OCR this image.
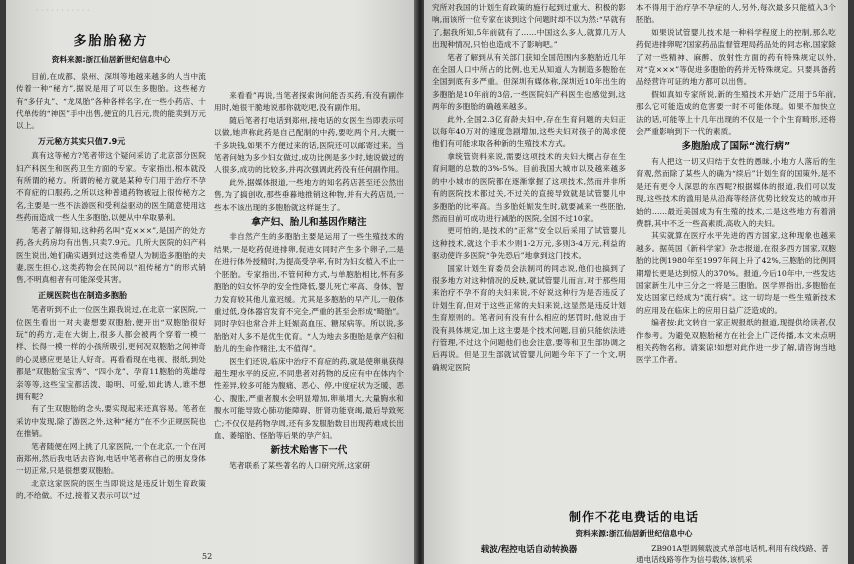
· · · · · · · · · · ·
多胎胎秘方
资料来源:浙江仙居新世纪信息中心

目前,在成都、泉州、深圳等地越来越多的人当中流传着一种“秘方”,据说是用了可以生多胞胎。这些秘方有“多仔丸”、“龙凤胎”各种各样名字,在一些小药店、十代单传的“神医”手中出售,便宜的几百元,贵的能卖到万元以上。

万元秘方其实只值7.9元

真有这等秘方?笔者带这个疑问采访了北京部分医院妇产科医生和医药卫生方面的专家。专家指出,根本就没有所谓的秘方。所谓的秘方就是某种专门用于治疗不孕不育症的口服药,之所以这种普通药物被冠上很传秘方之名,主要是一些不法游医和受利益驱动的医生随意使用这些药而造成一些人生多胞胎,以便从中牟取暴利。

笔者了解得知,这种药名叫“克×××”,是国产的处方药,各大药房均有出售,只卖7.9元。几所大医院的妇产科医生说出,她们确实遇到过这类希望人为制造多胞胎的夫妻,医生担心,这类药物会在民间以“祖传秘方”的形式销售,不明真相者有可能深受其害。

正规医院也在制造多胞胎

笔者听到不止一位医生跟我说过,在北京一家医院,一位医生看出一对夫妻想要双胞胎,便开出“双胞胎很好玩”的药方,走在大街上,很多人都会被两个穿着一模一样、长得一模一样的小孩所吸引,更何况双胞胎之间神奇的心灵感应更是让人好奇。再看看现在电视、报纸,到处都是“双胞胎宝宝秀”、“四小龙”、孕育11胞胎的英雄母亲等等,这些宝宝都活泼、聪明、可爱,如此诱人,谁不想拥有呢?

有了生双胞胎的念头,要实现起来还真容易。笔者在采访中发现,除了游医之外,这种“秘方”在不少正规医院也在推销。

笔者随便在网上挑了几家医院,一个在北京,一个在河南郑州,然后我电话去咨询,电话中笔者称自己的朋友身体一切正常,只是很想要双胞胎。

北京这家医院的医生当即说这是违反计划生育政策的,不给做。不过,接着又表示可以“过

来看看”再说,当笔者探索询问能否买药,有没有副作用时,她很干脆地说那你就吃吧,没有副作用。

随后笔者打电话到郑州,接电话的女医生当即表示可以做,她声称此药是自己配制的中药,要吃两个月,大概一千多块钱,如果不方便过来的话,医院还可以邮寄过来。当笔者问她为多少妇女做过,成功比例是多少时,她说做过的人很多,成功的比较多,并再次强调此药没有任何副作用。

此外,据媒体报道,一些地方的知名药店甚至还公然出售,为了搞创收,那些垂暮地推销这种物,并有大药店员,一些本不该出现的多胞胎就这样诞生了。

拿产妇、胎儿和基因作赌注

非自然产生的多胞胎主要是运用了一些生殖技术的结果,一是吃药促进排卵,促进女同时产生多个卵子,二是在进行体外授精时,为提高受孕率,有时为妇女植入不止一个胚胎。专家指出,不管何种方式,与单胞胎相比,怀有多胞胎的妇女怀孕的安全性降低,婴儿死亡率高、身体、智力发育较其他儿童迟缓。尤其是多胞胎的早产儿,一般体重过低,身体器官发育不完全,严重的甚至会形成“畸胎”。同时孕妇也常合并上妊娠高血压、糖尿病等。所以说,多胎胎对人多不是优生优育。“人为地去多胞胎是拿产妇和胎儿的生命作赌注,太不值得”。

医生们还说,临床中治疗不育症的药,就是使卵巢获得超生理水平的反应,不同患者对药物的反应有中在体内个性差异,较多可能为腹痛、恶心、停,中度症状为乏暖、恶心、腹胀,严重者腹水会明显增加,卵巢增大,大量胸水和腹水可能导致心肺功能障碍、肝肾功能衰竭,最后导致死亡;不仅仅是药物孕周,还有多发服胎数目出现药难成长出血、萎缩胎、怪胎等后果的孕产妇。

新技术贻害下一代

笔者联系了某些著名的人口研究所,这家研

52

究所对我国的计划生育政策的施行起到过重大、积极的影响,而该所一位专家在谈到这个问题时却不以为然:“早就有了,据我所知,5年前就有了……中国这么多人,就算几万人出现种情况,只怕也造成不了影响吧。”

笔者了解到从有关部门获知全国范围内多胞胎近几年在全国人口中所占的比例,也无从知道人为制造多胞胎在全国到底有多严重。但深圳有媒体称,深圳近10年出生的多胞胎是10年前的3倍,一些医院妇产科医生也感觉到,这两年的多胞胎的确越来越多。

此外,全国2.3亿育龄夫妇中,存在生育问题的夫妇正以每年40万对的速度急剧增加,这些夫妇对孩子的渴求使他们有可能求取各种新的生殖技术方式。

拿统管资料来说,需要这项技术的夫妇大概占存在生育问题的总数的3%-5%。目前我国大城市以及越来越多的中小城市的医院都在逐渐掌握了这项技术,然而并非所有的医院技术都过关,不过关的直接导致就是试管婴儿中多胞胎的比率高。当多胎妊娠发生时,就要减来一些胚胎,然而目前可成功进行减胎的医院,全国不过10家。

更可怕的,是技术的“正常”安全以后采用了试管婴儿这种技术,就这个手术少则1-2万元,多则3-4万元,利益的驱动使许多医院“争先恐后”地拿到这门技术。

国家计划生育委员会法制司的同志说,他们也搞到了很多地方对这种情况的反映,就试管婴儿而言,对于那些用来治疗不孕不育的夫妇来说,不好说这种行为是否违反了计划生育,但对于这些正常的夫妇来说,这显然是违反计划生育原则的。笔者问有没有什么相应的惩罚时,他说由于没有具体规定,加上这主要是个技术问题,目前只能依法进行管理,不过这个问题他们也会注意,要等和卫生部协调之后再说。但是卫生部就试管婴儿问题今年下了一个文,明确规定医院

本不得用于治疗孕不孕症的人,另外,每次最多只能植入3个胚胎。

如果说试管婴儿技术是一种科学程度上的控制,那么吃药促进排卵呢?国家药品监督管理局药品处的同志称,国家除了对一些精神、麻醉、放射性方面的药有特殊规定以外,对“克×××”等促进多胞胎的药并无特殊规定。只要具备药品经营许可证的地方都可以出售。

假如真如专家所说,新的生殖技术开始广泛用于5年前,那么它可能造成的危害要一时不可能体现。如果不加快立法的话,可能等上十几年出现的不仅是一个个生育畸形,还将会严重影响到下一代的素质。

多胞胎成了国际“流行病”

有人把这一切又归结于女性的愚昧,小地方人落后的生育观,然而除了某些人的确为“续后”计划生育的国策外,是不是还有更令人深思的东西呢?根据媒体的报道,我们可以发现,这些技术的滥用是从沿海等经济优势比较发达的城市开始的……最近美国成为有生殖的技术,二是这些地方有着消费群,其中不乏一些高素质,高收入的夫妇。

其实就算在医疗水平先进的西方国家,这种现象也越来越多。据英国《新科学家》杂志报道,在很多西方国家,双胞胎的比例1980年至1997年间上升了42%,三胞胎的比例同期增长更是达到惊人的370%。报道,今后10年中,一些发达国家新生儿中三分之一将是三胞胎。医学界指出,多胞胎在发达国家已经成为“流行病”。这一切均是一些生殖新技术的应用及在临床上的应用日益广泛造成的。

编者按:此文转自一家正规报纸的报道,现提供给读者,仅作参考。为避免双胞胎秘方在社会上广泛传播,本文未点明相关药物名称。请案谅!如想对此作进一步了解,请咨询当地医学工作者。

制作不花电费话的电话
资料来源:浙江仙居新世纪信息中心
载波/程控电话自动转换器	ZB901A型调频载波式单部电话机,利用有线线路、普通电话线路等作为信号载体,该机采
